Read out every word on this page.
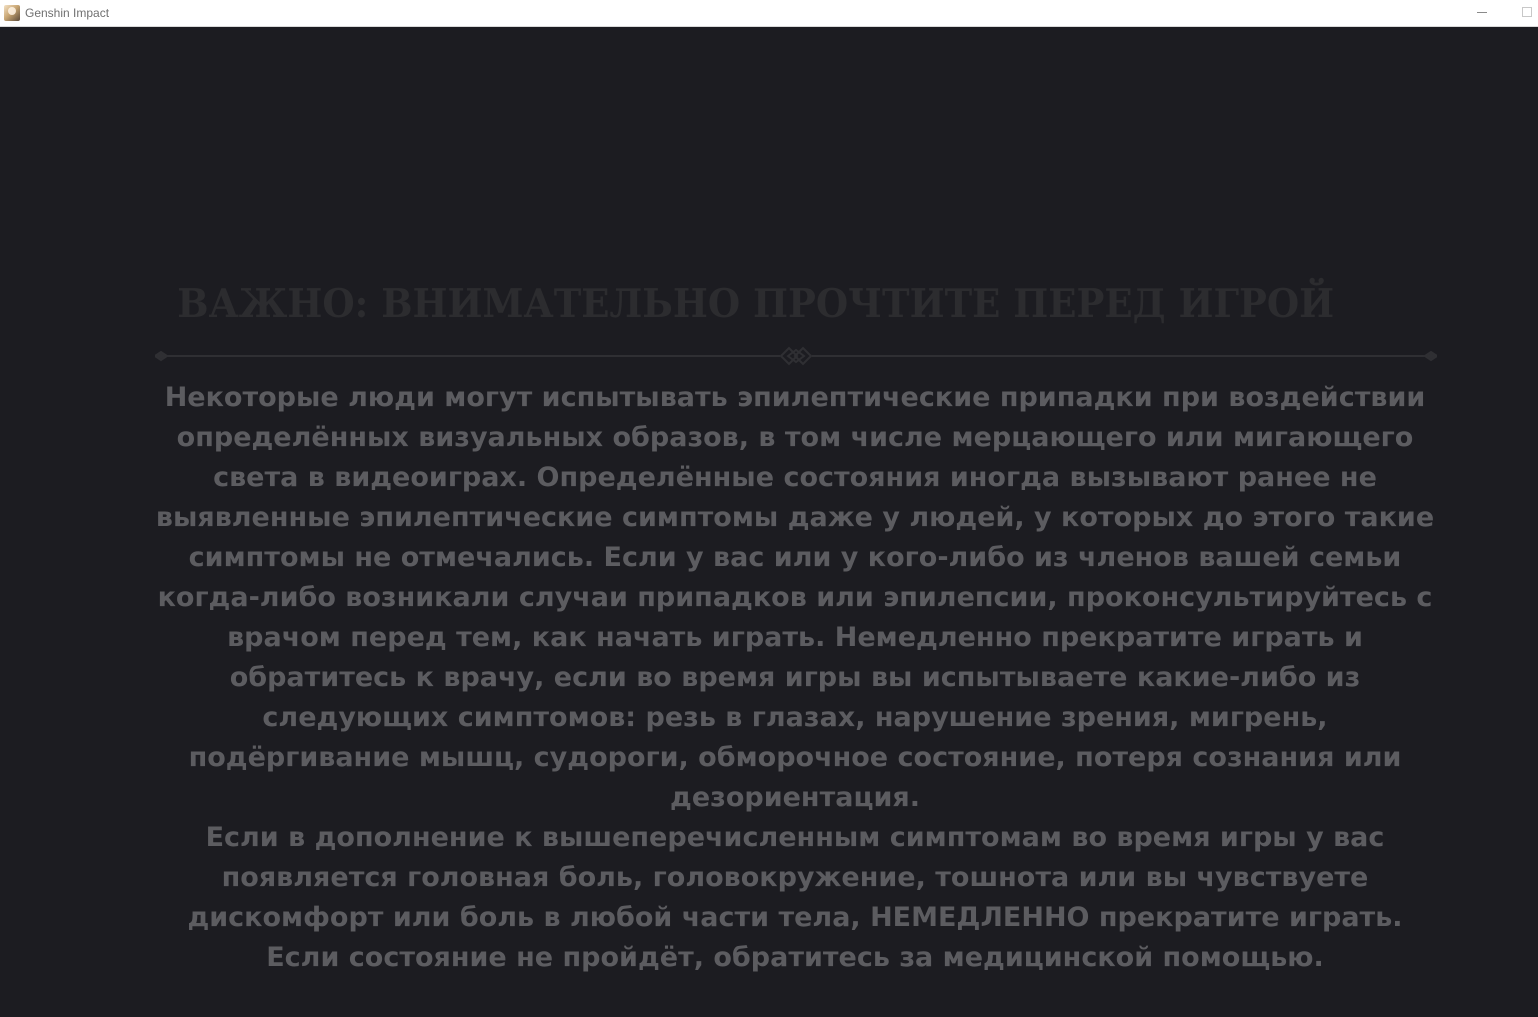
Genshin Impact
ВАЖНО: ВНИМАТЕЛЬНО ПРОЧТИТЕ ПЕРЕД ИГРОЙ

Некоторые люди могут испытывать эпилептические припадки при воздействии определённых визуальных образов, в том числе мерцающего или мигающего света в видеоиграх. Определённые состояния иногда вызывают ранее не выявленные эпилептические симптомы даже у людей, у которых до этого такие симптомы не отмечались. Если у вас или у кого-либо из членов вашей семьи когда-либо возникали случаи припадков или эпилепсии, проконсультируйтесь с врачом перед тем, как начать играть. Немедленно прекратите играть и обратитесь к врачу, если во время игры вы испытываете какие-либо из следующих симптомов: резь в глазах, нарушение зрения, мигрень, подёргивание мышц, судороги, обморочное состояние, потеря сознания или дезориентация.

Если в дополнение к вышеперечисленным симптомам во время игры у вас появляется головная боль, головокружение, тошнота или вы чувствуете дискомфорт или боль в любой части тела, НЕМЕДЛЕННО прекратите играть. Если состояние не пройдёт, обратитесь за медицинской помощью.
